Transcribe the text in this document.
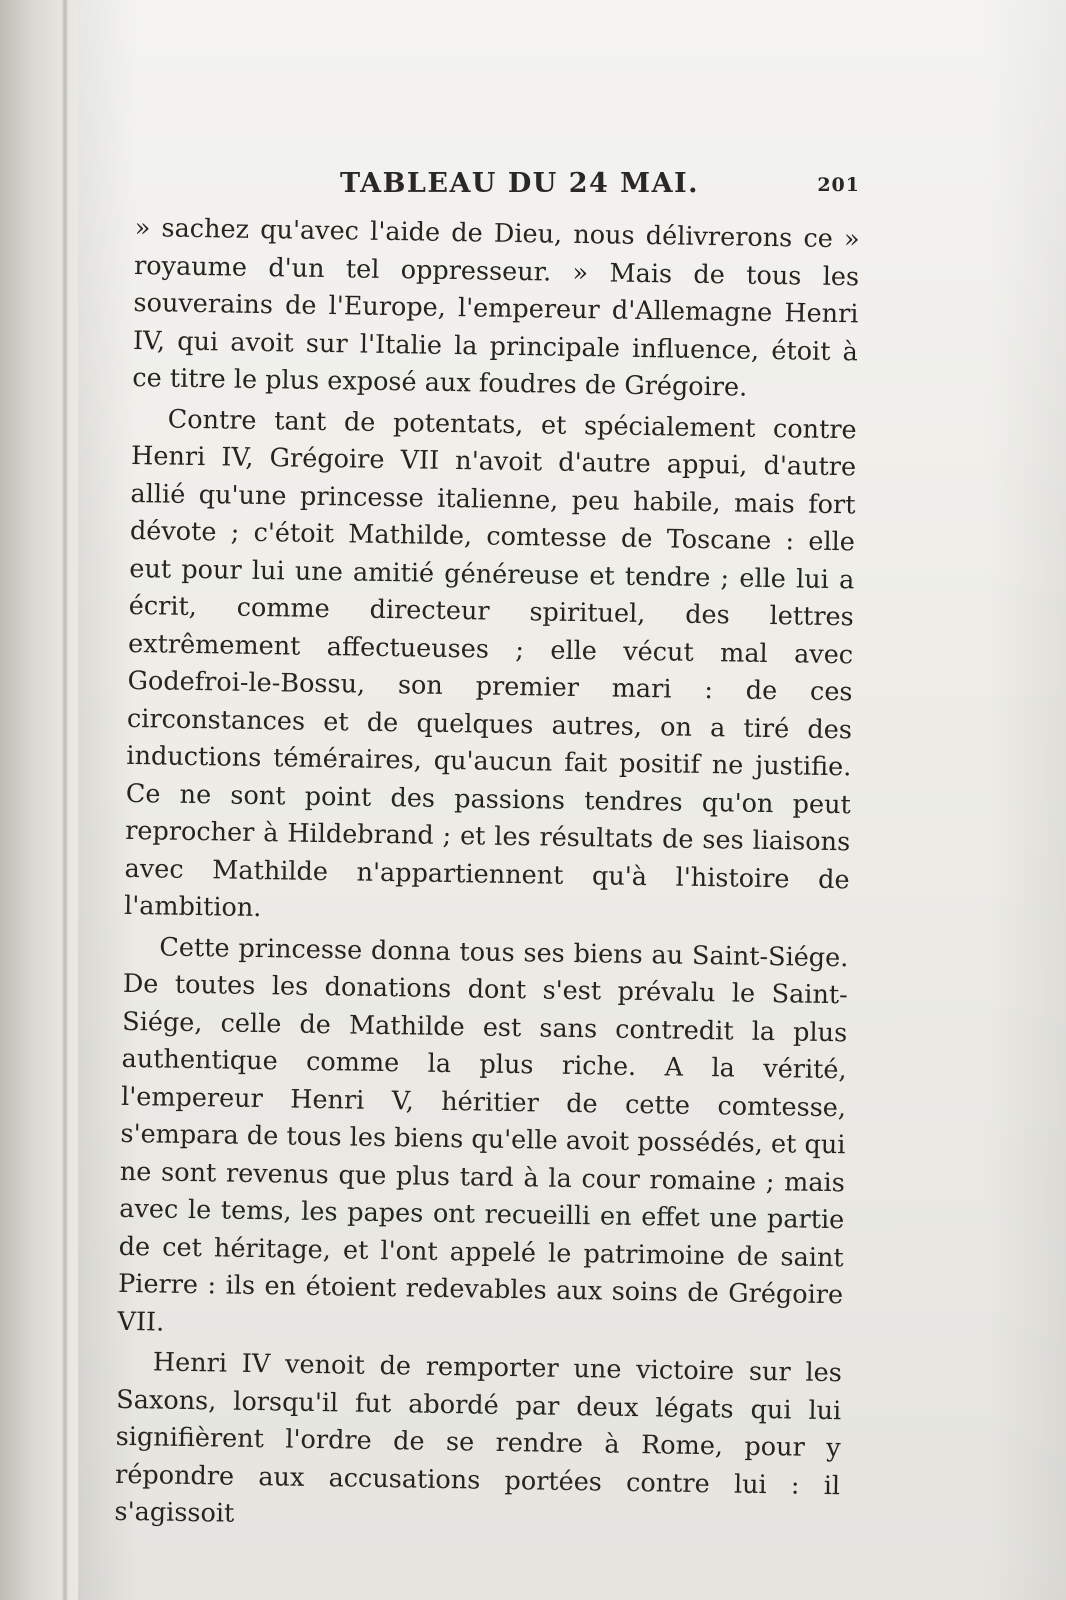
TABLEAU DU 24 MAI.	201

» sachez qu'avec l'aide de Dieu, nous délivrerons ce » royaume d'un tel oppresseur. » Mais de tous les souverains de l'Europe, l'empereur d'Allemagne Henri IV, qui avoit sur l'Italie la principale influence, étoit à ce titre le plus exposé aux foudres de Grégoire.

Contre tant de potentats, et spécialement contre Henri IV, Grégoire VII n'avoit d'autre appui, d'autre allié qu'une princesse italienne, peu habile, mais fort dévote ; c'étoit Mathilde, comtesse de Toscane : elle eut pour lui une amitié généreuse et tendre ; elle lui a écrit, comme directeur spirituel, des lettres extrêmement affectueuses ; elle vécut mal avec Godefroi-le-Bossu, son premier mari : de ces circonstances et de quelques autres, on a tiré des inductions téméraires, qu'aucun fait positif ne justifie. Ce ne sont point des passions tendres qu'on peut reprocher à Hildebrand ; et les résultats de ses liaisons avec Mathilde n'appartiennent qu'à l'histoire de l'ambition.

Cette princesse donna tous ses biens au Saint-Siége. De toutes les donations dont s'est prévalu le Saint-Siége, celle de Mathilde est sans contredit la plus authentique comme la plus riche. A la vérité, l'empereur Henri V, héritier de cette comtesse, s'empara de tous les biens qu'elle avoit possédés, et qui ne sont revenus que plus tard à la cour romaine ; mais avec le tems, les papes ont recueilli en effet une partie de cet héritage, et l'ont appelé le patrimoine de saint Pierre : ils en étoient redevables aux soins de Grégoire VII.

Henri IV venoit de remporter une victoire sur les Saxons, lorsqu'il fut abordé par deux légats qui lui signifièrent l'ordre de se rendre à Rome, pour y répondre aux accusations portées contre lui : il s'agissoit
